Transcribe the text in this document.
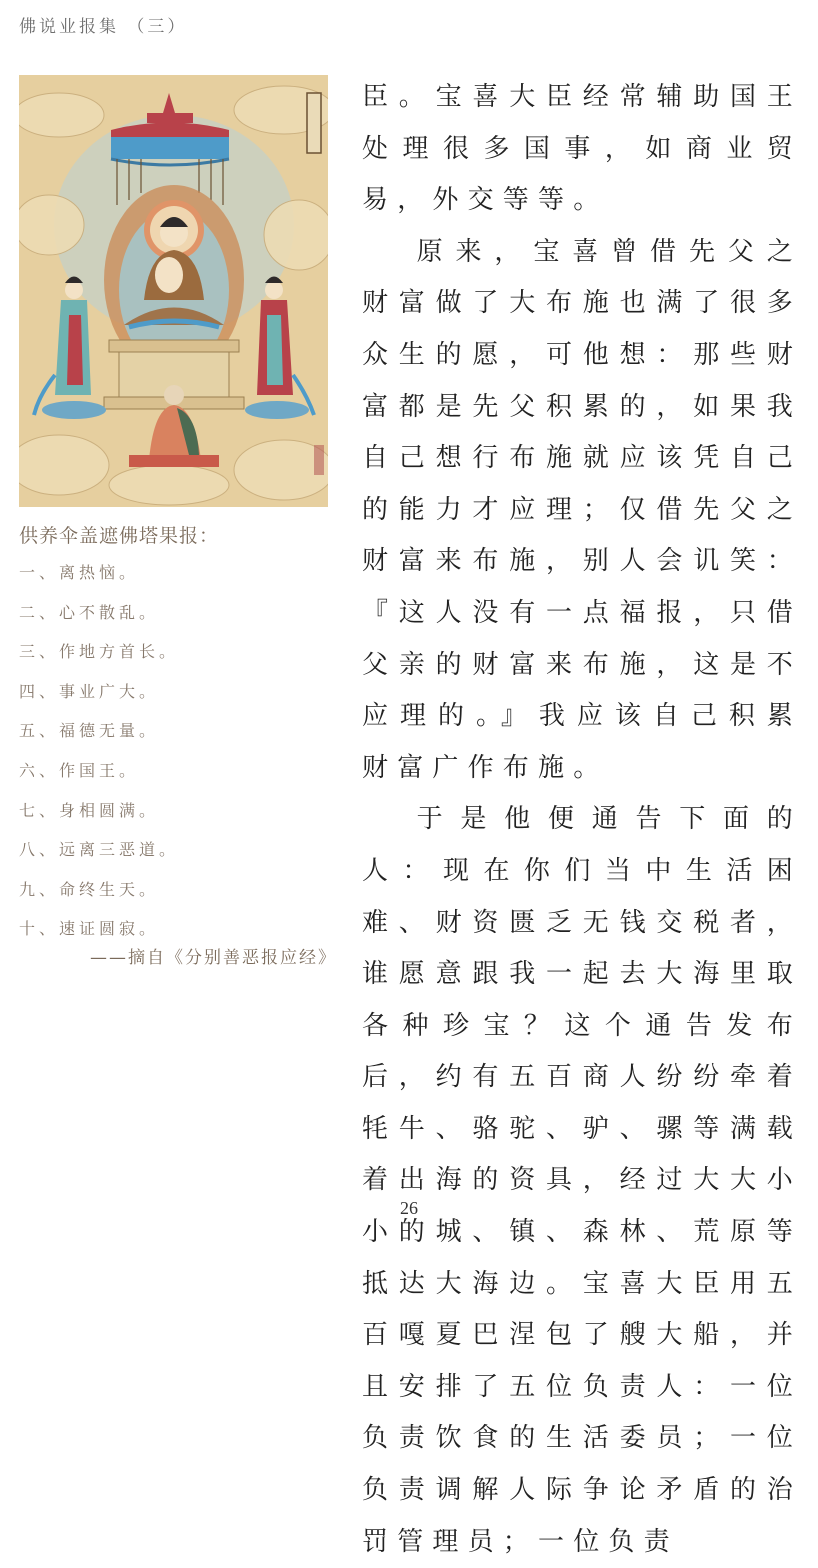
佛说业报集 （三）
供养伞盖遮佛塔果报：
一、离热恼。
二、心不散乱。
三、作地方首长。
四、事业广大。
五、福德无量。
六、作国王。
七、身相圆满。
八、远离三恶道。
九、命终生天。
十、速证圆寂。
——摘自《分别善恶报应经》

臣。宝喜大臣经常辅助国王处理很多国事，如商业贸易，外交等等。

原来，宝喜曾借先父之财富做了大布施也满了很多众生的愿，可他想：那些财富都是先父积累的，如果我自己想行布施就应该凭自己的能力才应理；仅借先父之财富来布施，别人会讥笑：『这人没有一点福报，只借父亲的财富来布施，这是不应理的。』我应该自己积累财富广作布施。

于是他便通告下面的人：现在你们当中生活困难、财资匮乏无钱交税者，谁愿意跟我一起去大海里取各种珍宝？这个通告发布后，约有五百商人纷纷牵着牦牛、骆驼、驴、骡等满载着出海的资具，经过大大小小的城、镇、森林、荒原等抵达大海边。宝喜大臣用五百嘎夏巴涅包了艘大船，并且安排了五位负责人：一位负责饮食的生活委员；一位负责调解人际争论矛盾的治罚管理员；一位负责

26
